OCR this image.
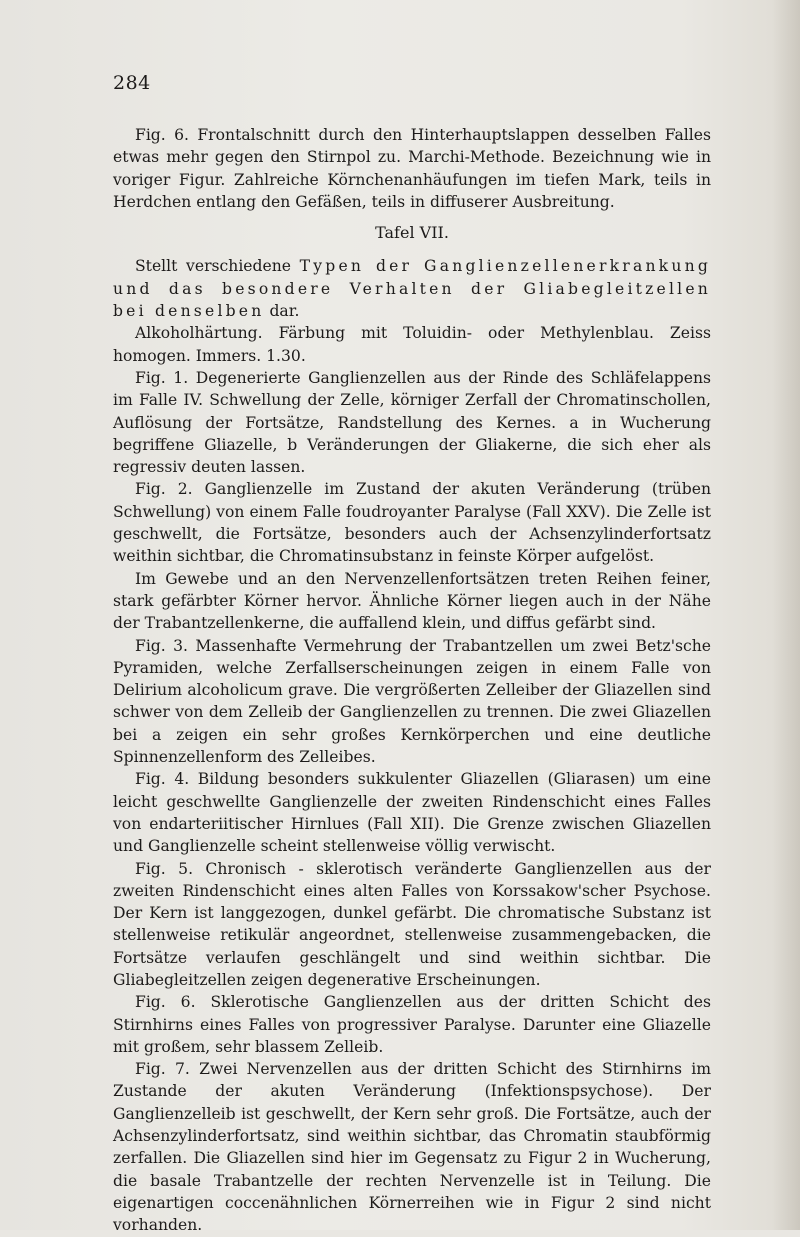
284

Fig. 6. Frontalschnitt durch den Hinterhauptslappen desselben Falles etwas mehr gegen den Stirnpol zu. Marchi-Methode. Bezeichnung wie in voriger Figur. Zahlreiche Körnchenanhäufungen im tiefen Mark, teils in Herdchen entlang den Gefäßen, teils in diffuserer Ausbreitung.

Tafel VII.

Stellt verschiedene Typen der Ganglienzellenerkrankung und das besondere Verhalten der Gliabegleitzellen bei denselben dar.

Alkoholhärtung. Färbung mit Toluidin- oder Methylenblau. Zeiss homogen. Immers. 1.30.

Fig. 1. Degenerierte Ganglienzellen aus der Rinde des Schläfelappens im Falle IV. Schwellung der Zelle, körniger Zerfall der Chromatinschollen, Auflösung der Fortsätze, Randstellung des Kernes. a in Wucherung begriffene Gliazelle, b Veränderungen der Gliakerne, die sich eher als regressiv deuten lassen.

Fig. 2. Ganglienzelle im Zustand der akuten Veränderung (trüben Schwellung) von einem Falle foudroyanter Paralyse (Fall XXV). Die Zelle ist geschwellt, die Fortsätze, besonders auch der Achsenzylinderfortsatz weithin sichtbar, die Chromatinsubstanz in feinste Körper aufgelöst.

Im Gewebe und an den Nervenzellenfortsätzen treten Reihen feiner, stark gefärbter Körner hervor. Ähnliche Körner liegen auch in der Nähe der Trabantzellenkerne, die auffallend klein, und diffus gefärbt sind.

Fig. 3. Massenhafte Vermehrung der Trabantzellen um zwei Betz'sche Pyramiden, welche Zerfallserscheinungen zeigen in einem Falle von Delirium alcoholicum grave. Die vergrößerten Zelleiber der Gliazellen sind schwer von dem Zelleib der Ganglienzellen zu trennen. Die zwei Gliazellen bei a zeigen ein sehr großes Kernkörperchen und eine deutliche Spinnenzellenform des Zelleibes.

Fig. 4. Bildung besonders sukkulenter Gliazellen (Gliarasen) um eine leicht geschwellte Ganglienzelle der zweiten Rindenschicht eines Falles von endarteriitischer Hirnlues (Fall XII). Die Grenze zwischen Gliazellen und Ganglienzelle scheint stellenweise völlig verwischt.

Fig. 5. Chronisch - sklerotisch veränderte Ganglienzellen aus der zweiten Rindenschicht eines alten Falles von Korssakow'scher Psychose. Der Kern ist langgezogen, dunkel gefärbt. Die chromatische Substanz ist stellenweise retikulär angeordnet, stellenweise zusammengebacken, die Fortsätze verlaufen geschlängelt und sind weithin sichtbar. Die Gliabegleitzellen zeigen degenerative Erscheinungen.

Fig. 6. Sklerotische Ganglienzellen aus der dritten Schicht des Stirnhirns eines Falles von progressiver Paralyse. Darunter eine Gliazelle mit großem, sehr blassem Zelleib.

Fig. 7. Zwei Nervenzellen aus der dritten Schicht des Stirnhirns im Zustande der akuten Veränderung (Infektionspsychose). Der Ganglienzelleib ist geschwellt, der Kern sehr groß. Die Fortsätze, auch der Achsenzylinderfortsatz, sind weithin sichtbar, das Chromatin staubförmig zerfallen. Die Gliazellen sind hier im Gegensatz zu Figur 2 in Wucherung, die basale Trabantzelle der rechten Nervenzelle ist in Teilung. Die eigenartigen coccenähnlichen Körnerreihen wie in Figur 2 sind nicht vorhanden.
